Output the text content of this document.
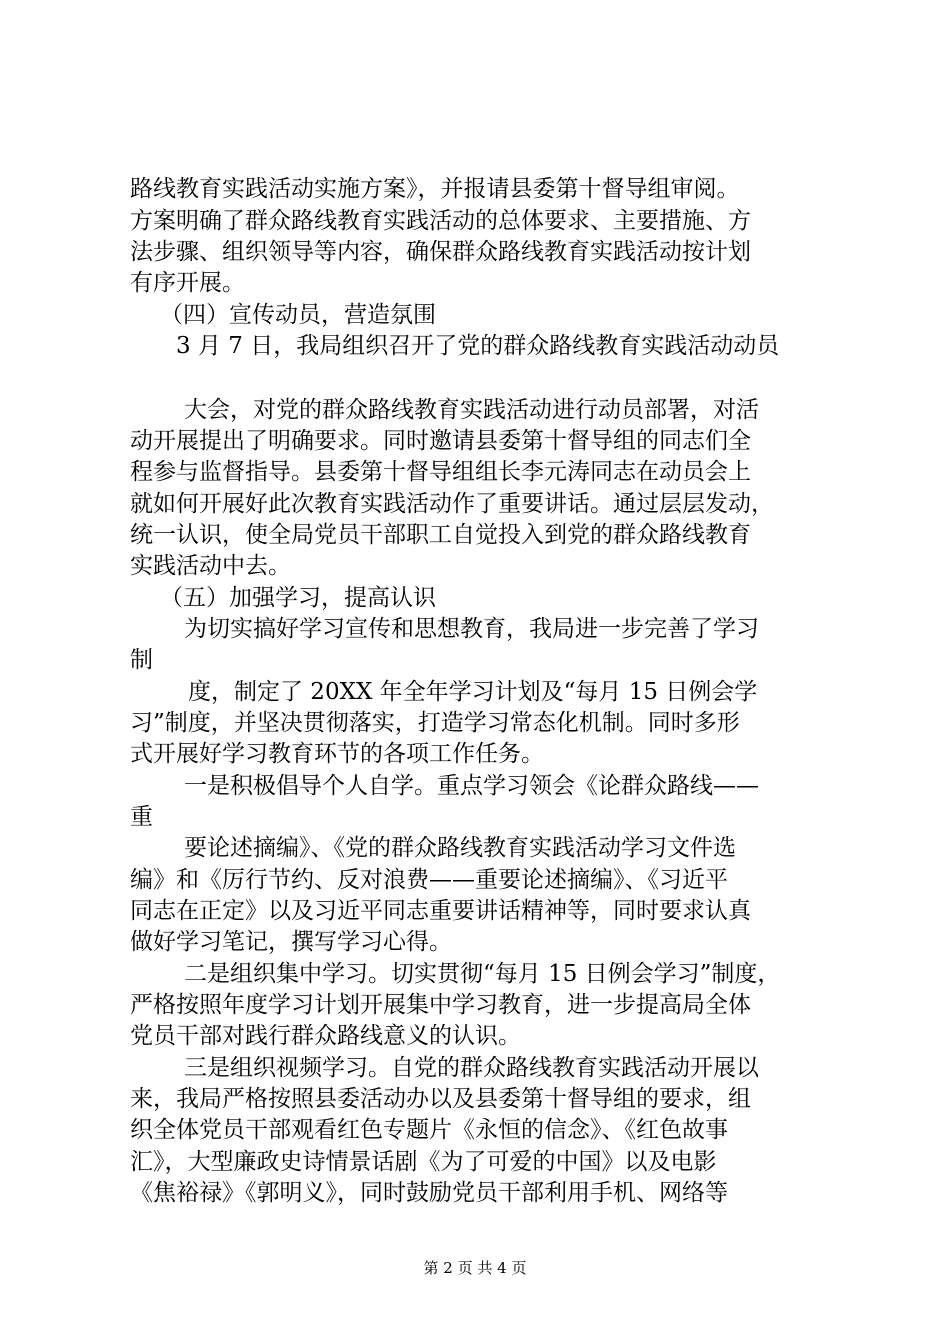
路线教育实践活动实施方案》，并报请县委第十督导组审阅。
方案明确了群众路线教育实践活动的总体要求、主要措施、方
法步骤、组织领导等内容，确保群众路线教育实践活动按计划
有序开展。
（四）宣传动员，营造氛围
3 月 7 日，我局组织召开了党的群众路线教育实践活动动员
大会，对党的群众路线教育实践活动进行动员部署，对活
动开展提出了明确要求。同时邀请县委第十督导组的同志们全
程参与监督指导。县委第十督导组组长李元涛同志在动员会上
就如何开展好此次教育实践活动作了重要讲话。通过层层发动，
统一认识，使全局党员干部职工自觉投入到党的群众路线教育
实践活动中去。
（五）加强学习，提高认识
为切实搞好学习宣传和思想教育，我局进一步完善了学习
制
度，制定了 20XX 年全年学习计划及“每月 15 日例会学
习”制度，并坚决贯彻落实，打造学习常态化机制。同时多形
式开展好学习教育环节的各项工作任务。
一是积极倡导个人自学。重点学习领会《论群众路线——
重
要论述摘编》、《党的群众路线教育实践活动学习文件选
编》和《厉行节约、反对浪费——重要论述摘编》、《习近平
同志在正定》以及习近平同志重要讲话精神等，同时要求认真
做好学习笔记，撰写学习心得。
二是组织集中学习。切实贯彻“每月 15 日例会学习”制度，
严格按照年度学习计划开展集中学习教育，进一步提高局全体
党员干部对践行群众路线意义的认识。
三是组织视频学习。自党的群众路线教育实践活动开展以
来，我局严格按照县委活动办以及县委第十督导组的要求，组
织全体党员干部观看红色专题片《永恒的信念》、《红色故事
汇》，大型廉政史诗情景话剧《为了可爱的中国》以及电影
《焦裕禄》《郭明义》，同时鼓励党员干部利用手机、网络等
第 2 页 共 4 页
